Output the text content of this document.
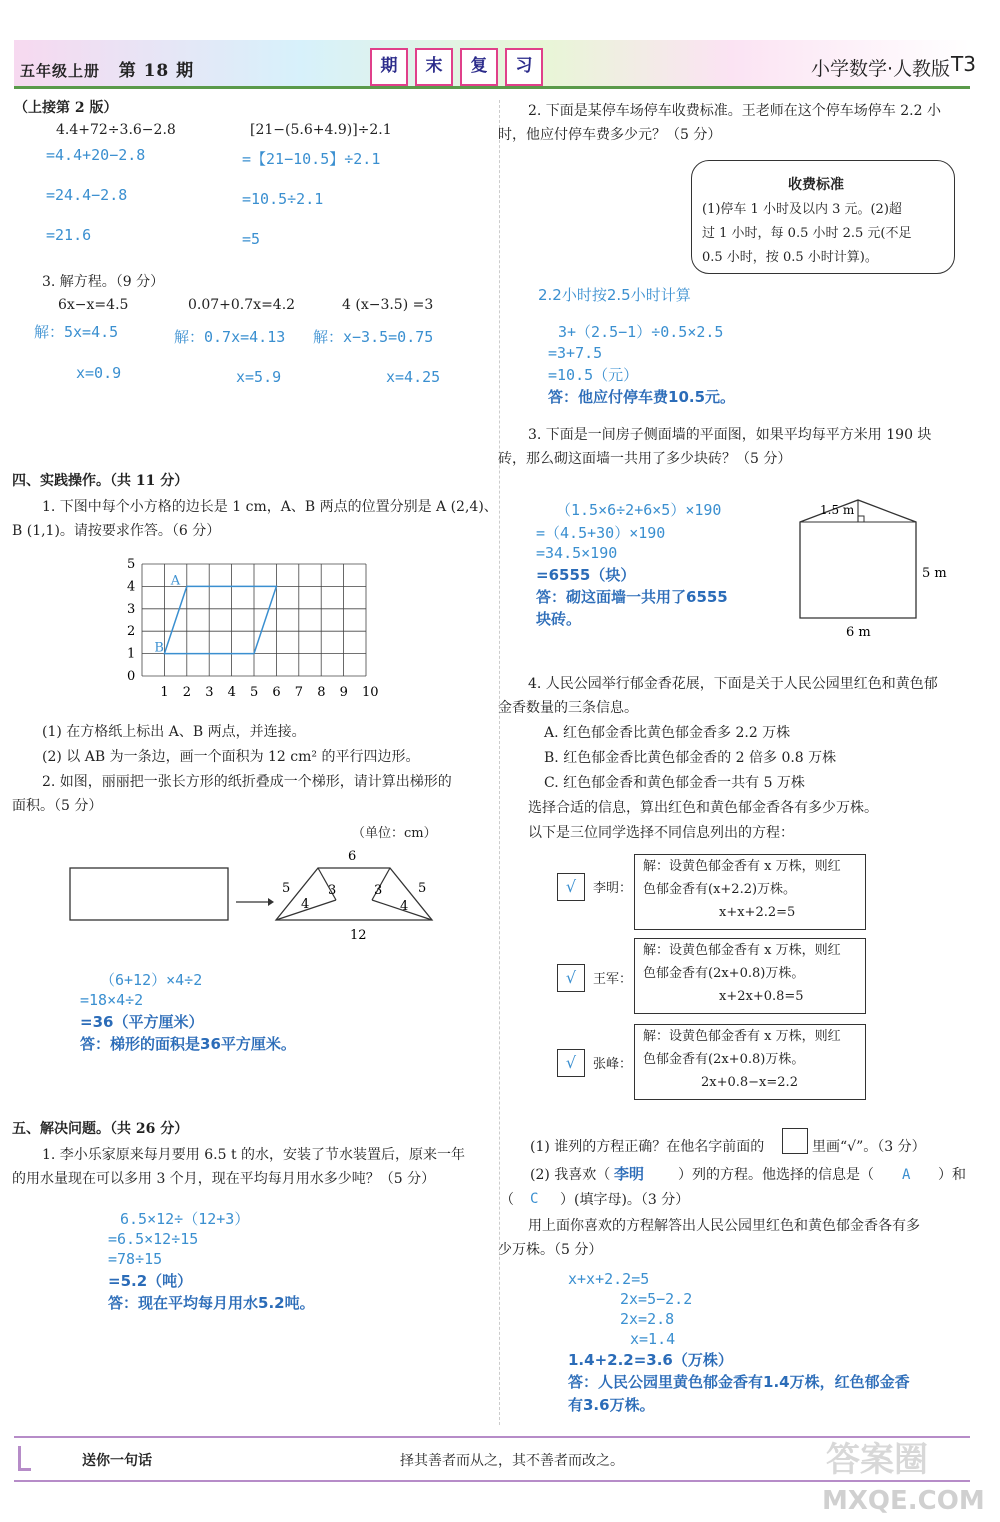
五年级上册 第 18 期	期	末	复	习	小学数学·人教版 T3
（上接第 2 版）
4.4+72÷3.6−2.8
=4.4+20−2.8
=24.4−2.8
=21.6
[21−(5.6+4.9)]÷2.1
=【21−10.5】÷2.1
=10.5÷2.1
=5
3. 解方程。（9 分）
6x−x=4.5	0.07+0.7x=4.2	4 (x−3.5) =3
解：5x=4.5	解：0.7x=4.13 解：x−3.5=0.75
x=0.9	x=5.9	x=4.25
四、实践操作。（共 11 分）
1. 下图中每个小方格的边长是 1 cm，A、B 两点的位置分别是 A (2,4)、
B (1,1)。请按要求作答。（6 分）
1 2 3 4 5 6 7 8 9 10
0
1
2
3
4
5
A
B
(1) 在方格纸上标出 A、B 两点，并连接。
(2) 以 AB 为一条边，画一个面积为 12 cm² 的平行四边形。
2. 如图，丽丽把一张长方形的纸折叠成一个梯形，请计算出梯形的
面积。（5 分）
（单位：cm）
6
12
5	3
4
3	5
4
（6+12）×4÷2
=18×4÷2
=36（平方厘米）
答：梯形的面积是36平方厘米。
五、解决问题。（共 26 分）
1. 李小乐家原来每月要用 6.5 t 的水，安装了节水装置后，原来一年
的用水量现在可以多用 3 个月，现在平均每月用水多少吨？（5 分）
6.5×12÷（12+3）
=6.5×12÷15
=78÷15
=5.2（吨）
答：现在平均每月用水5.2吨。
2. 下面是某停车场停车收费标准。王老师在这个停车场停车 2.2 小
时，他应付停车费多少元？（5 分）
收费标准
(1)停车 1 小时及以内 3 元。(2)超
过 1 小时，每 0.5 小时 2.5 元(不足
0.5 小时，按 0.5 小时计算)。
2.2小时按2.5小时计算
3+（2.5−1）÷0.5×2.5
=3+7.5
=10.5（元）
答：他应付停车费10.5元。
3. 下面是一间房子侧面墙的平面图，如果平均每平方米用 190 块
砖，那么砌这面墙一共用了多少块砖？（5 分）
（1.5×6÷2+6×5）×190
=（4.5+30）×190
=34.5×190
=6555（块）
答：砌这面墙一共用了6555
块砖。
1.5 m
5 m
6 m
4. 人民公园举行郁金香花展，下面是关于人民公园里红色和黄色郁
金香数量的三条信息。
A. 红色郁金香比黄色郁金香多 2.2 万株
B. 红色郁金香比黄色郁金香的 2 倍多 0.8 万株
C. 红色郁金香和黄色郁金香一共有 5 万株
选择合适的信息，算出红色和黄色郁金香各有多少万株。
以下是三位同学选择不同信息列出的方程：
√	李明：
解：设黄色郁金香有 x 万株，则红
色郁金香有(x+2.2)万株。
x+x+2.2=5
√	王军：
解：设黄色郁金香有 x 万株，则红
色郁金香有(2x+0.8)万株。
x+2x+0.8=5
√	张峰：
解：设黄色郁金香有 x 万株，则红
色郁金香有(2x+0.8)万株。
2x+0.8−x=2.2
(1) 谁列的方程正确？在他名字前面的	里画“√”。（3 分）
(2) 我喜欢（ 李明 ）列的方程。他选择的信息是（ A ）和
（ C ）(填字母)。（3 分）
用上面你喜欢的方程解答出人民公园里红色和黄色郁金香各有多
少万株。（5 分）
x+x+2.2=5
2x=5−2.2
2x=2.8
x=1.4
1.4+2.2=3.6（万株）
答：人民公园里黄色郁金香有1.4万株，红色郁金香
有3.6万株。
送你一句话	择其善者而从之，其不善者而改之。	答案圈
MXQE.COM
